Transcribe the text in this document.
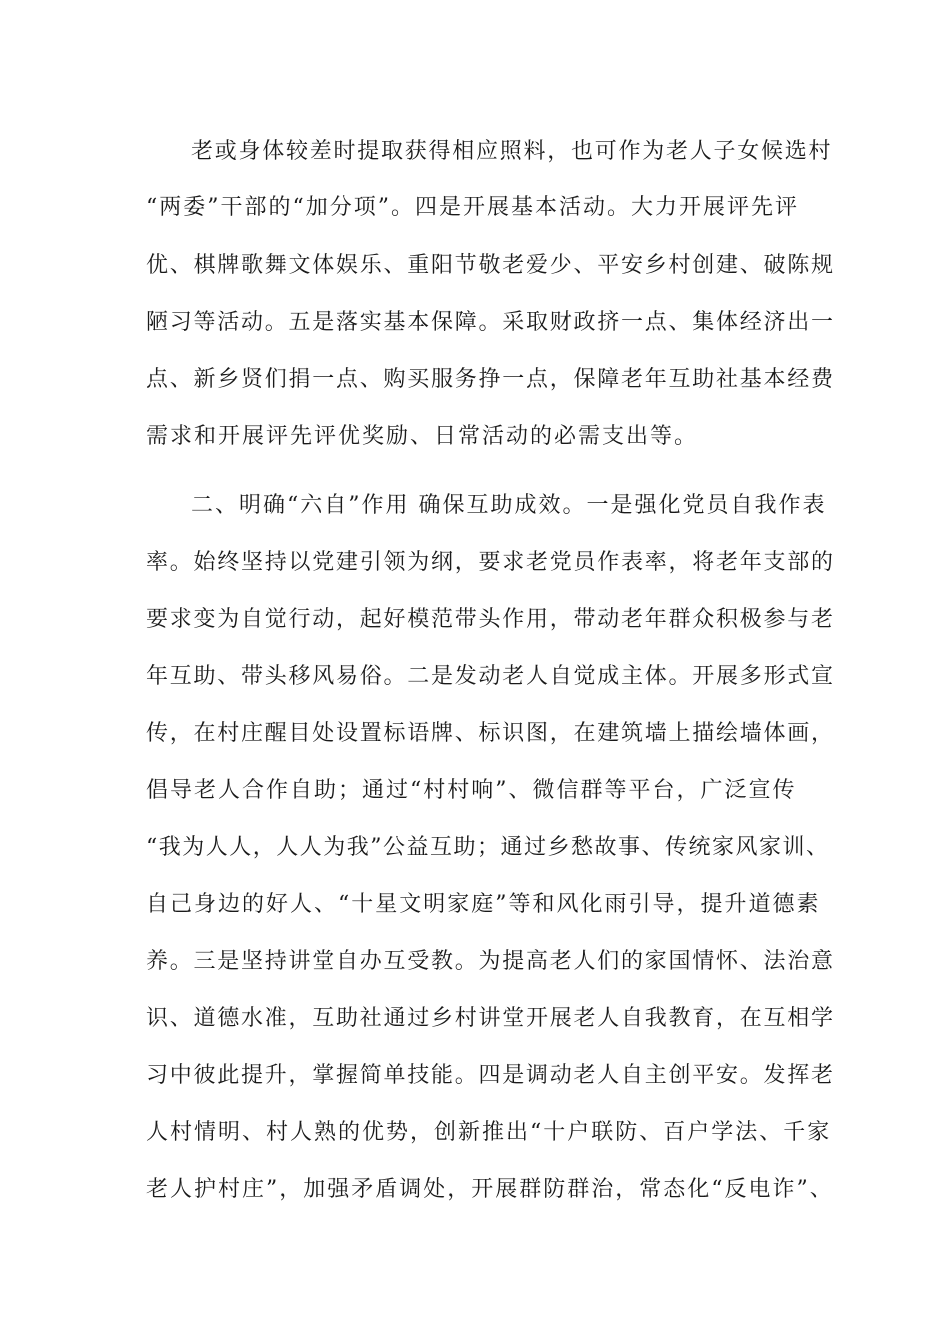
老或身体较差时提取获得相应照料，也可作为老人子女候选村
“两委”干部的“加分项”。四是开展基本活动。大力开展评先评
优、棋牌歌舞文体娱乐、重阳节敬老爱少、平安乡村创建、破陈规
陋习等活动。五是落实基本保障。采取财政挤一点、集体经济出一
点、新乡贤们捐一点、购买服务挣一点，保障老年互助社基本经费
需求和开展评先评优奖励、日常活动的必需支出等。
二、明确“六自”作用 确保互助成效。一是强化党员自我作表
率。始终坚持以党建引领为纲，要求老党员作表率，将老年支部的
要求变为自觉行动，起好模范带头作用，带动老年群众积极参与老
年互助、带头移风易俗。二是发动老人自觉成主体。开展多形式宣
传，在村庄醒目处设置标语牌、标识图，在建筑墙上描绘墙体画，
倡导老人合作自助；通过“村村响”、微信群等平台，广泛宣传
“我为人人，人人为我”公益互助；通过乡愁故事、传统家风家训、
自己身边的好人、“十星文明家庭”等和风化雨引导，提升道德素
养。三是坚持讲堂自办互受教。为提高老人们的家国情怀、法治意
识、道德水准，互助社通过乡村讲堂开展老人自我教育，在互相学
习中彼此提升，掌握简单技能。四是调动老人自主创平安。发挥老
人村情明、村人熟的优势，创新推出“十户联防、百户学法、千家
老人护村庄”，加强矛盾调处，开展群防群治，常态化“反电诈”、
